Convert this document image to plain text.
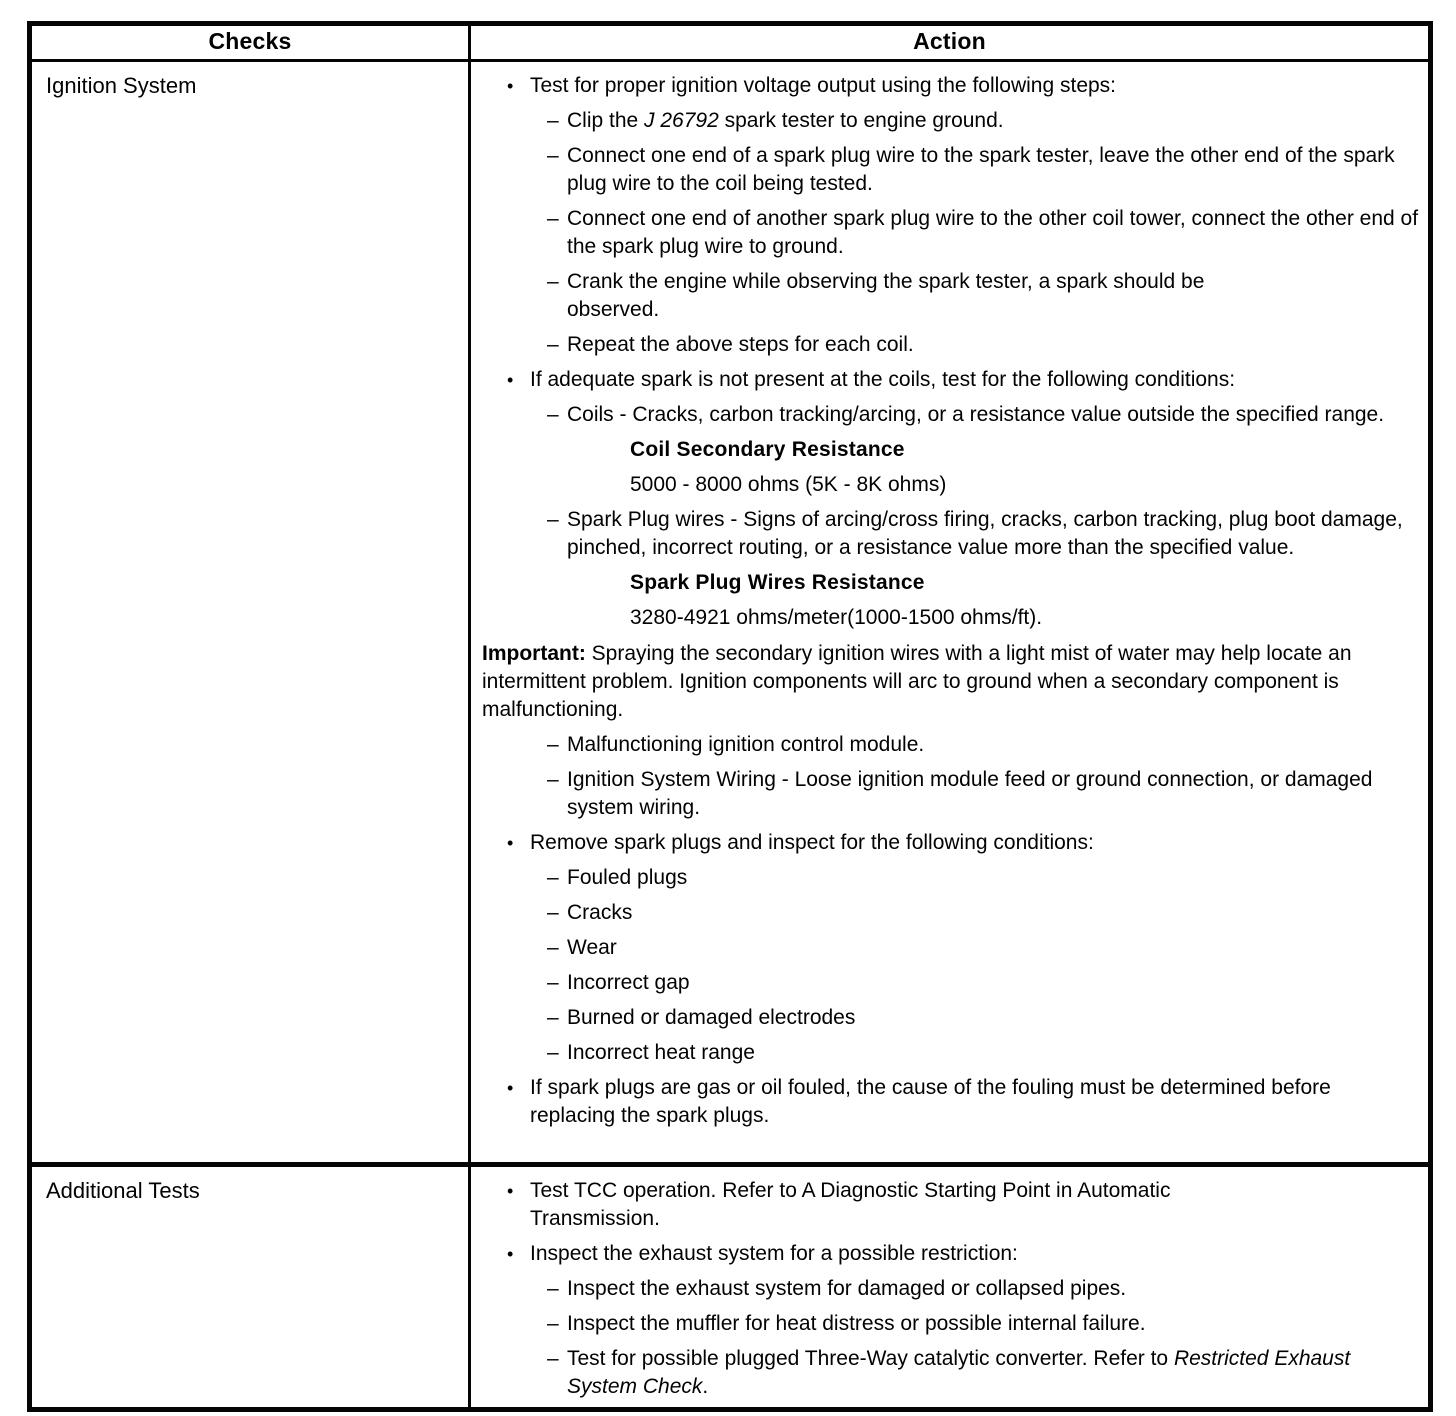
Checks	Action

Ignition System	• Test for proper ignition voltage output using the following steps:
– Clip the J 26792 spark tester to engine ground.
– Connect one end of a spark plug wire to the spark tester, leave the other end of the spark plug wire to the coil being tested.
– Connect one end of another spark plug wire to the other coil tower, connect the other end of the spark plug wire to ground.
– Crank the engine while observing the spark tester, a spark should be observed.
– Repeat the above steps for each coil.
• If adequate spark is not present at the coils, test for the following conditions:
– Coils - Cracks, carbon tracking/arcing, or a resistance value outside the specified range.
Coil Secondary Resistance
5000 - 8000 ohms (5K - 8K ohms)
– Spark Plug wires - Signs of arcing/cross firing, cracks, carbon tracking, plug boot damage, pinched, incorrect routing, or a resistance value more than the specified value.
Spark Plug Wires Resistance
3280-4921 ohms/meter(1000-1500 ohms/ft).
Important: Spraying the secondary ignition wires with a light mist of water may help locate an intermittent problem. Ignition components will arc to ground when a secondary component is malfunctioning.
– Malfunctioning ignition control module.
– Ignition System Wiring - Loose ignition module feed or ground connection, or damaged system wiring.
• Remove spark plugs and inspect for the following conditions:
– Fouled plugs
– Cracks
– Wear
– Incorrect gap
– Burned or damaged electrodes
– Incorrect heat range
• If spark plugs are gas or oil fouled, the cause of the fouling must be determined before replacing the spark plugs.

Additional Tests	• Test TCC operation. Refer to A Diagnostic Starting Point in Automatic Transmission.
• Inspect the exhaust system for a possible restriction:
– Inspect the exhaust system for damaged or collapsed pipes.
– Inspect the muffler for heat distress or possible internal failure.
– Test for possible plugged Three-Way catalytic converter. Refer to Restricted Exhaust System Check.
